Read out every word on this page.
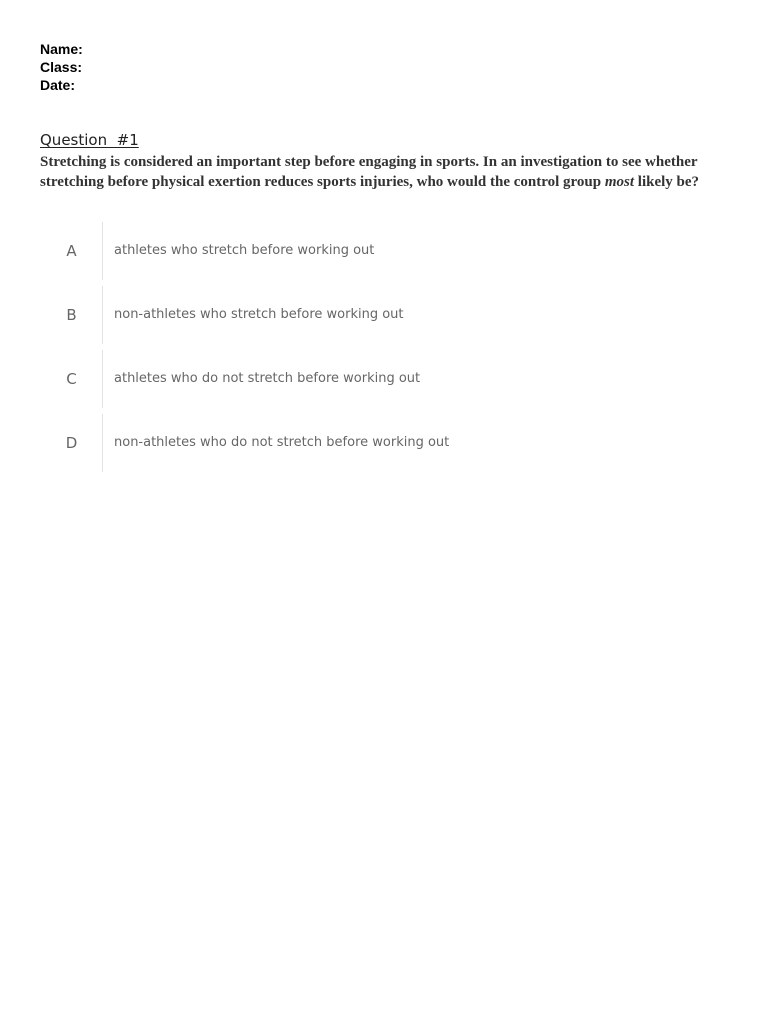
Name:
Class:
Date:
Question  #1
Stretching is considered an important step before engaging in sports. In an investigation to see whether stretching before physical exertion reduces sports injuries, who would the control group most likely be?
A	athletes who stretch before working out
B	non-athletes who stretch before working out
C	athletes who do not stretch before working out
D	non-athletes who do not stretch before working out
